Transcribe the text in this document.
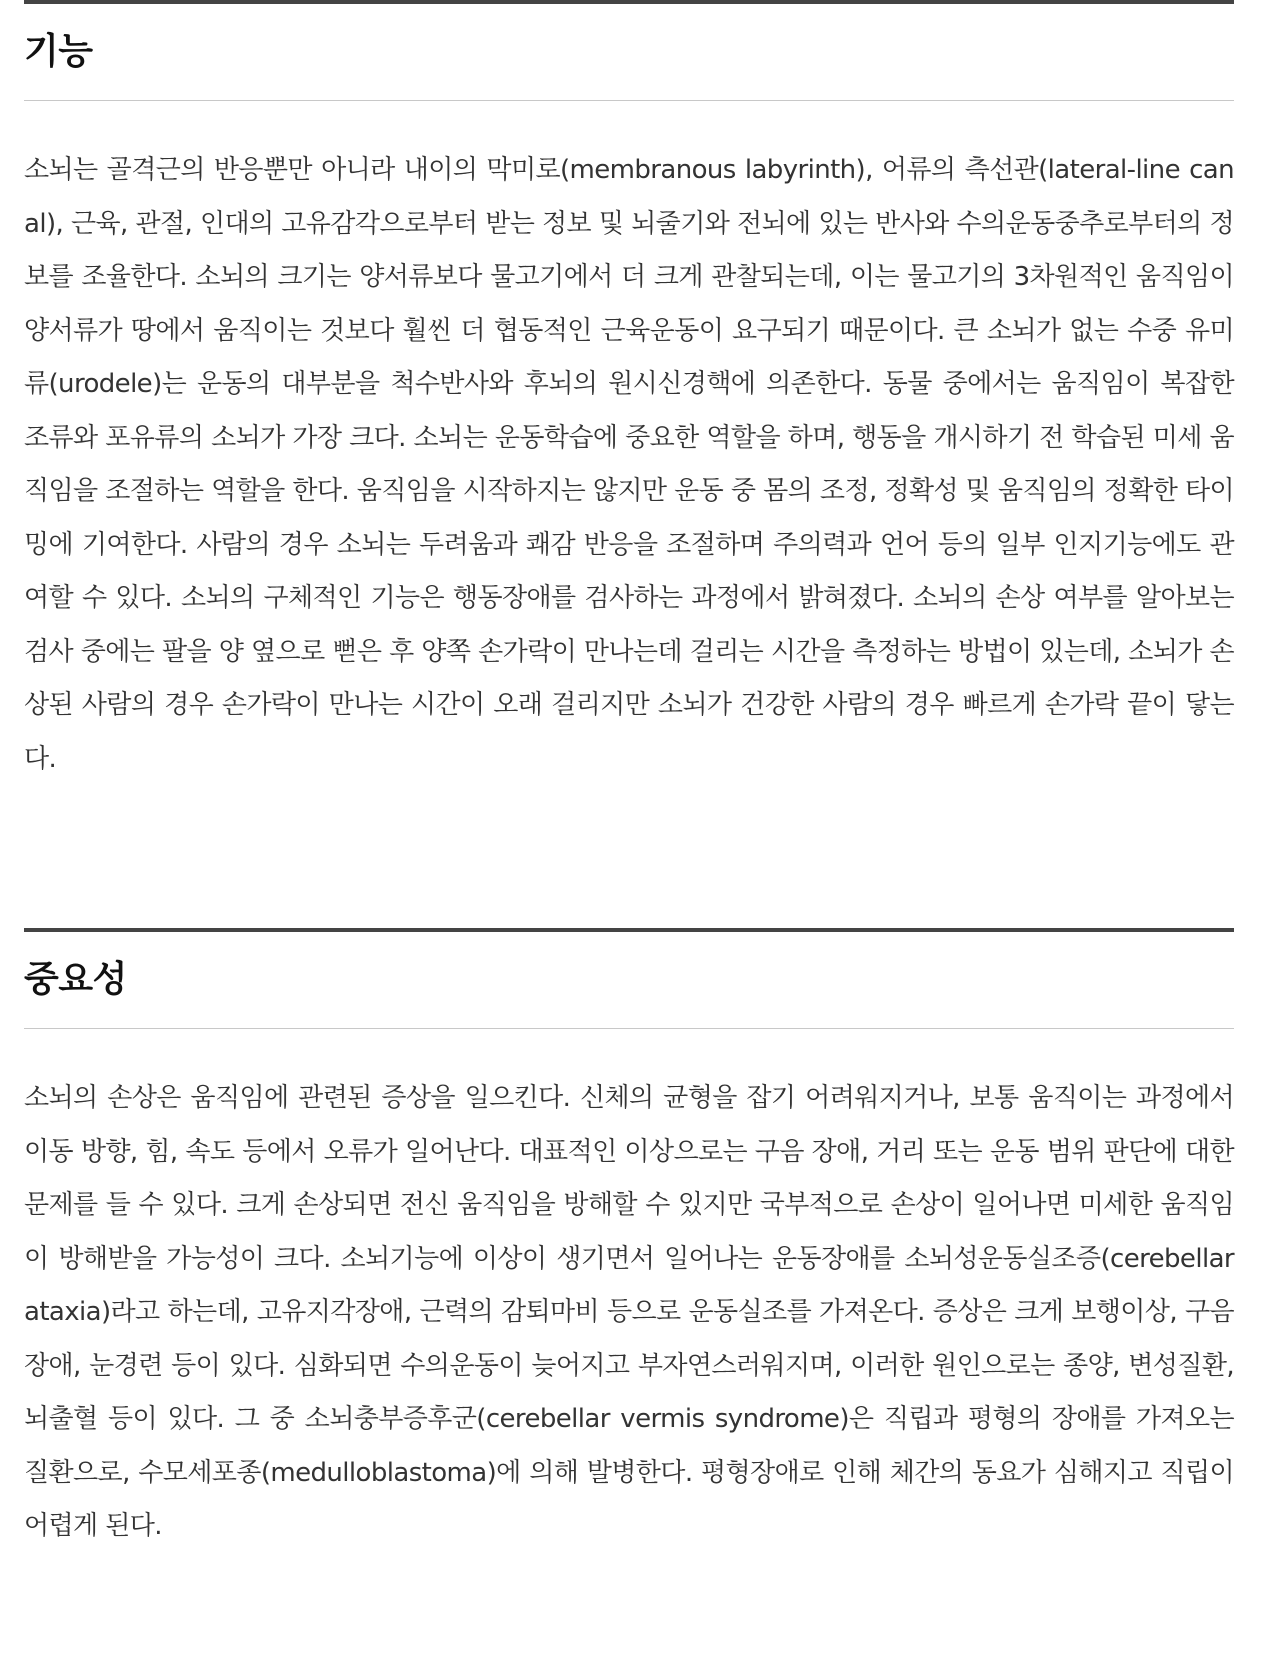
기능

소뇌는 골격근의 반응뿐만 아니라 내이의 막미로(membranous labyrinth), 어류의 측선관(lateral-line canal), 근육, 관절, 인대의 고유감각으로부터 받는 정보 및 뇌줄기와 전뇌에 있는 반사와 수의운동중추로부터의 정보를 조율한다. 소뇌의 크기는 양서류보다 물고기에서 더 크게 관찰되는데, 이는 물고기의 3차원적인 움직임이 양서류가 땅에서 움직이는 것보다 훨씬 더 협동적인 근육운동이 요구되기 때문이다. 큰 소뇌가 없는 수중 유미류(urodele)는 운동의 대부분을 척수반사와 후뇌의 원시신경핵에 의존한다. 동물 중에서는 움직임이 복잡한 조류와 포유류의 소뇌가 가장 크다. 소뇌는 운동학습에 중요한 역할을 하며, 행동을 개시하기 전 학습된 미세 움직임을 조절하는 역할을 한다. 움직임을 시작하지는 않지만 운동 중 몸의 조정, 정확성 및 움직임의 정확한 타이밍에 기여한다. 사람의 경우 소뇌는 두려움과 쾌감 반응을 조절하며 주의력과 언어 등의 일부 인지기능에도 관여할 수 있다. 소뇌의 구체적인 기능은 행동장애를 검사하는 과정에서 밝혀졌다. 소뇌의 손상 여부를 알아보는 검사 중에는 팔을 양 옆으로 뻗은 후 양쪽 손가락이 만나는데 걸리는 시간을 측정하는 방법이 있는데, 소뇌가 손상된 사람의 경우 손가락이 만나는 시간이 오래 걸리지만 소뇌가 건강한 사람의 경우 빠르게 손가락 끝이 닿는다.

중요성

소뇌의 손상은 움직임에 관련된 증상을 일으킨다. 신체의 균형을 잡기 어려워지거나, 보통 움직이는 과정에서 이동 방향, 힘, 속도 등에서 오류가 일어난다. 대표적인 이상으로는 구음 장애, 거리 또는 운동 범위 판단에 대한 문제를 들 수 있다. 크게 손상되면 전신 움직임을 방해할 수 있지만 국부적으로 손상이 일어나면 미세한 움직임이 방해받을 가능성이 크다. 소뇌기능에 이상이 생기면서 일어나는 운동장애를 소뇌성운동실조증(cerebellar ataxia)라고 하는데, 고유지각장애, 근력의 감퇴마비 등으로 운동실조를 가져온다. 증상은 크게 보행이상, 구음장애, 눈경련 등이 있다. 심화되면 수의운동이 늦어지고 부자연스러워지며, 이러한 원인으로는 종양, 변성질환, 뇌출혈 등이 있다. 그 중 소뇌충부증후군(cerebellar vermis syndrome)은 직립과 평형의 장애를 가져오는 질환으로, 수모세포종(medulloblastoma)에 의해 발병한다. 평형장애로 인해 체간의 동요가 심해지고 직립이 어렵게 된다.
